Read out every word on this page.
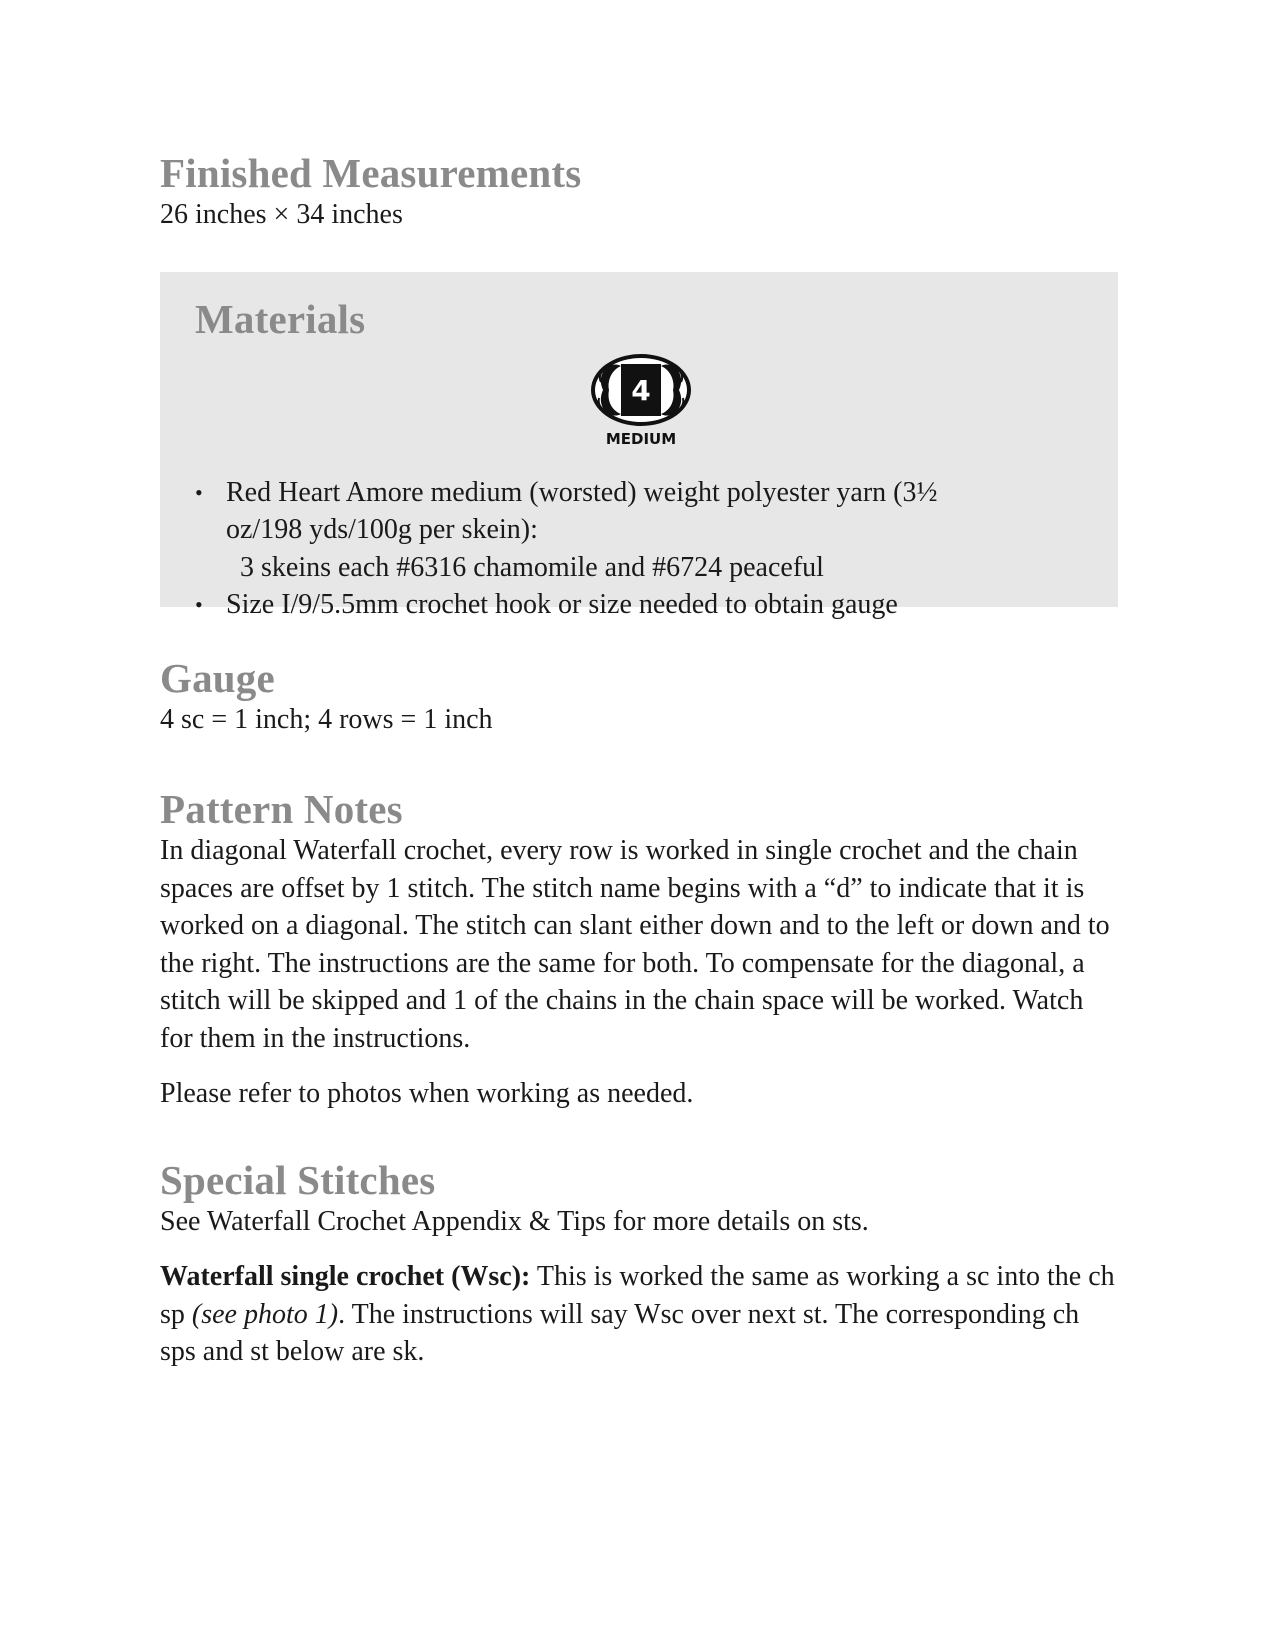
Finished Measurements

26 inches × 34 inches

Materials
4
MEDIUM
• Red Heart Amore medium (worsted) weight polyester yarn (3½
oz/198 yds/100g per skein):
3 skeins each #6316 chamomile and #6724 peaceful
• Size I/9/5.5mm crochet hook or size needed to obtain gauge
Gauge

4 sc = 1 inch; 4 rows = 1 inch

Pattern Notes

In diagonal Waterfall crochet, every row is worked in single crochet and the chain spaces are offset by 1 stitch. The stitch name begins with a “d” to indicate that it is worked on a diagonal. The stitch can slant either down and to the left or down and to the right. The instructions are the same for both. To compensate for the diagonal, a stitch will be skipped and 1 of the chains in the chain space will be worked. Watch for them in the instructions.

Please refer to photos when working as needed.

Special Stitches

See Waterfall Crochet Appendix & Tips for more details on sts.

Waterfall single crochet (Wsc): This is worked the same as working a sc into the ch sp (see photo 1). The instructions will say Wsc over next st. The corresponding ch sps and st below are sk.
